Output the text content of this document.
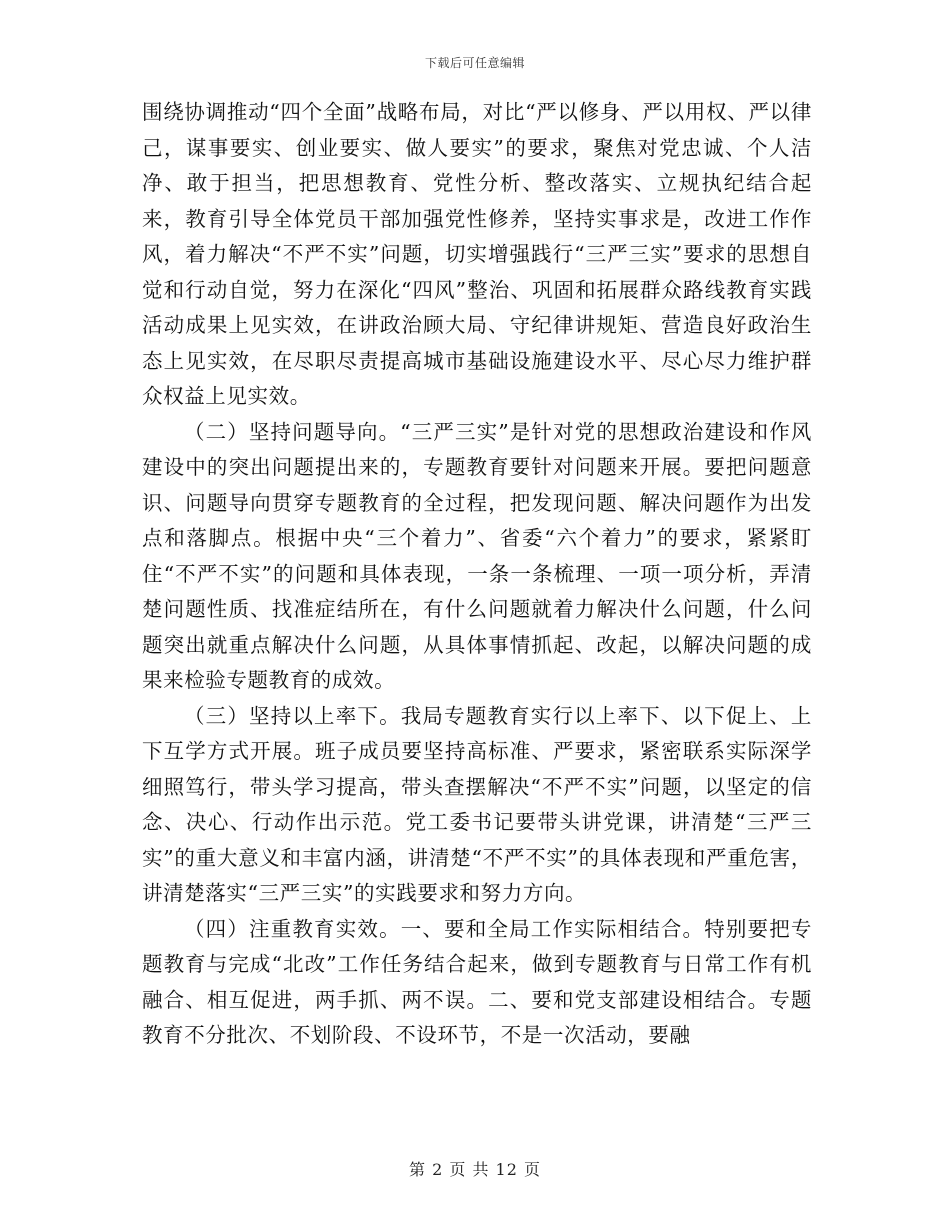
下载后可任意编辑

围绕协调推动“四个全面”战略布局，对比“严以修身、严以用权、严以律己，谋事要实、创业要实、做人要实”的要求，聚焦对党忠诚、个人洁净、敢于担当，把思想教育、党性分析、整改落实、立规执纪结合起来，教育引导全体党员干部加强党性修养，坚持实事求是，改进工作作风，着力解决“不严不实”问题，切实增强践行“三严三实”要求的思想自觉和行动自觉，努力在深化“四风”整治、巩固和拓展群众路线教育实践活动成果上见实效，在讲政治顾大局、守纪律讲规矩、营造良好政治生态上见实效，在尽职尽责提高城市基础设施建设水平、尽心尽力维护群众权益上见实效。

（二）坚持问题导向。“三严三实”是针对党的思想政治建设和作风建设中的突出问题提出来的，专题教育要针对问题来开展。要把问题意识、问题导向贯穿专题教育的全过程，把发现问题、解决问题作为出发点和落脚点。根据中央“三个着力”、省委“六个着力”的要求，紧紧盯住“不严不实”的问题和具体表现，一条一条梳理、一项一项分析，弄清楚问题性质、找准症结所在，有什么问题就着力解决什么问题，什么问题突出就重点解决什么问题，从具体事情抓起、改起，以解决问题的成果来检验专题教育的成效。

（三）坚持以上率下。我局专题教育实行以上率下、以下促上、上下互学方式开展。班子成员要坚持高标准、严要求，紧密联系实际深学细照笃行，带头学习提高，带头查摆解决“不严不实”问题，以坚定的信念、决心、行动作出示范。党工委书记要带头讲党课，讲清楚“三严三实”的重大意义和丰富内涵，讲清楚“不严不实”的具体表现和严重危害，讲清楚落实“三严三实”的实践要求和努力方向。

（四）注重教育实效。一、要和全局工作实际相结合。特别要把专题教育与完成“北改”工作任务结合起来，做到专题教育与日常工作有机融合、相互促进，两手抓、两不误。二、要和党支部建设相结合。专题教育不分批次、不划阶段、不设环节，不是一次活动，要融

第 2 页 共 12 页
